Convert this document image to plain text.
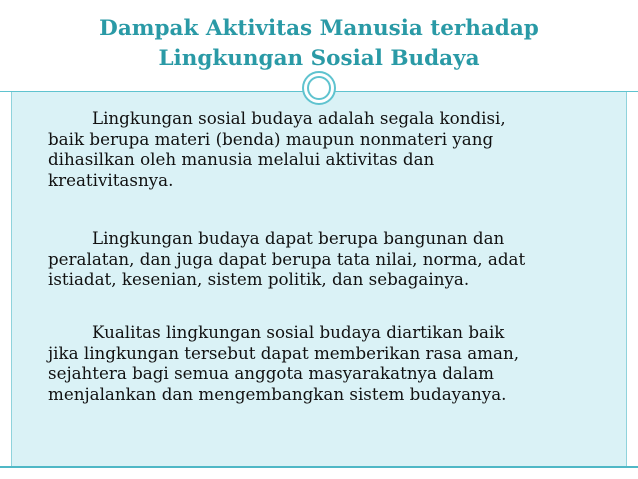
Dampak Aktivitas Manusia terhadap
Lingkungan Sosial Budaya
Lingkungan sosial budaya adalah segala kondisi,
baik berupa materi (benda) maupun nonmateri yang
dihasilkan oleh manusia melalui aktivitas dan
kreativitasnya.
Lingkungan budaya dapat berupa bangunan dan
peralatan, dan juga dapat berupa tata nilai, norma, adat
istiadat, kesenian, sistem politik, dan sebagainya.
Kualitas lingkungan sosial budaya diartikan baik
jika lingkungan tersebut dapat memberikan rasa aman,
sejahtera bagi semua anggota masyarakatnya dalam
menjalankan dan mengembangkan sistem budayanya.
